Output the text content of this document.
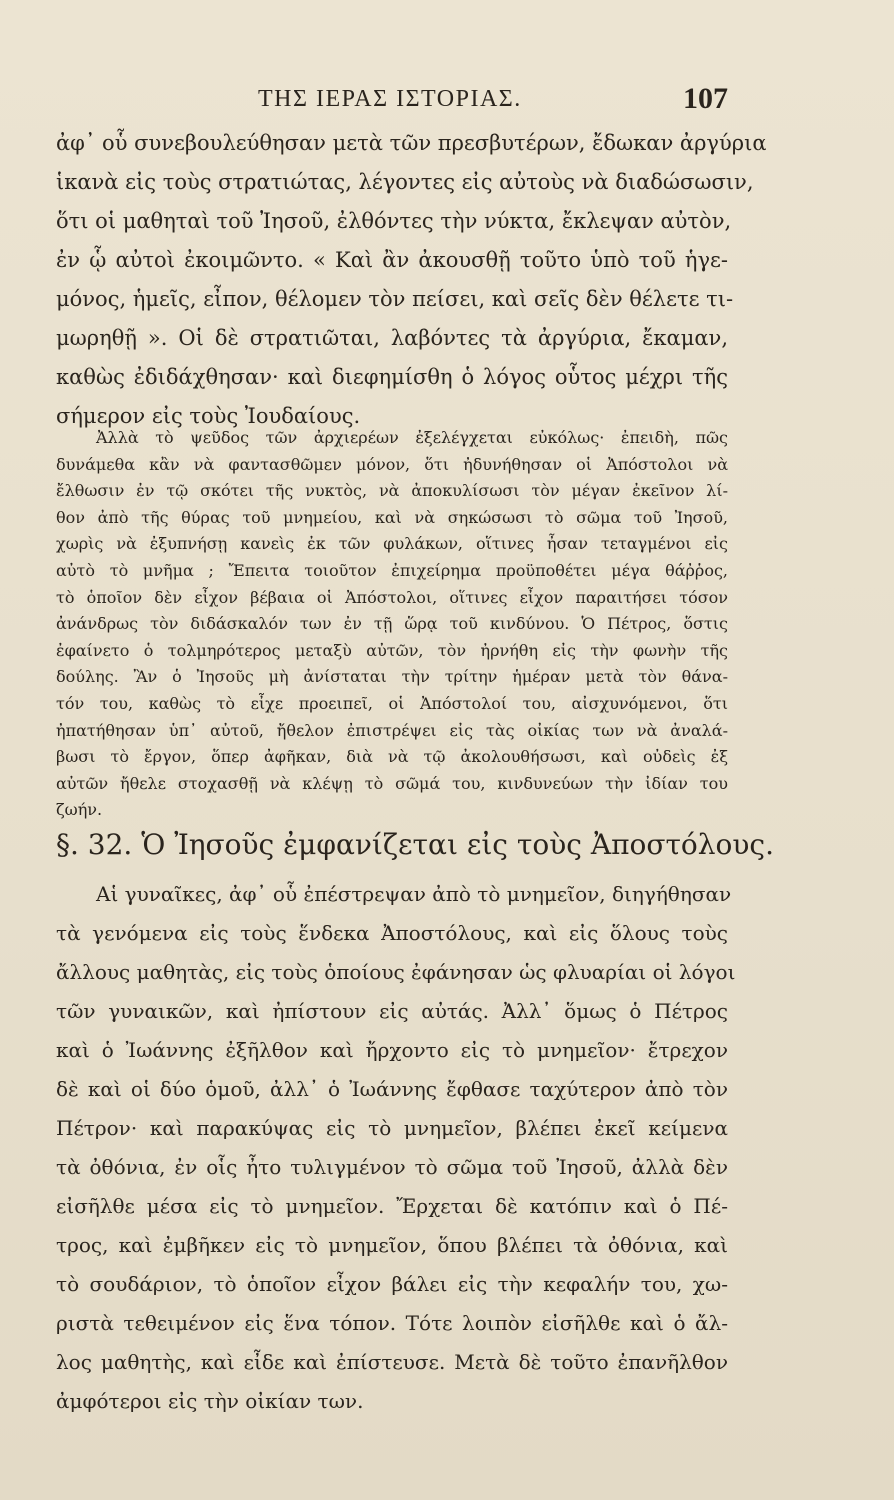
ΤΗΣ ΙΕΡΑΣ ΙΣΤΟΡΙΑΣ.	107
ἀφ᾽ οὗ συνεβουλεύθησαν μετὰ τῶν πρεσβυτέρων, ἔδωκαν ἀργύρια
ἱκανὰ εἰς τοὺς στρατιώτας, λέγοντες εἰς αὐτοὺς νὰ διαδώσωσιν,
ὅτι οἱ μαθηταὶ τοῦ Ἰησοῦ, ἐλθόντες τὴν νύκτα, ἔκλεψαν αὐτὸν,
ἐν ᾧ αὐτοὶ ἐκοιμῶντο. « Καὶ ἂν ἀκουσθῇ τοῦτο ὑπὸ τοῦ ἡγε-
μόνος, ἡμεῖς, εἶπον, θέλομεν τὸν πείσει, καὶ σεῖς δὲν θέλετε τι-
μωρηθῇ ». Οἱ δὲ στρατιῶται, λαβόντες τὰ ἀργύρια, ἔκαμαν,
καθὼς ἐδιδάχθησαν· καὶ διεφημίσθη ὁ λόγος οὗτος μέχρι τῆς
σήμερον εἰς τοὺς Ἰουδαίους.
Ἀλλὰ τὸ ψεῦδος τῶν ἀρχιερέων ἐξελέγχεται εὐκόλως· ἐπειδὴ, πῶς
δυνάμεθα κἂν νὰ φαντασθῶμεν μόνον, ὅτι ἠδυνήθησαν οἱ Ἀπόστολοι νὰ
ἔλθωσιν ἐν τῷ σκότει τῆς νυκτὸς, νὰ ἀποκυλίσωσι τὸν μέγαν ἐκεῖνον λί-
θον ἀπὸ τῆς θύρας τοῦ μνημείου, καὶ νὰ σηκώσωσι τὸ σῶμα τοῦ Ἰησοῦ,
χωρὶς νὰ ἐξυπνήσῃ κανεὶς ἐκ τῶν φυλάκων, οἵτινες ἦσαν τεταγμένοι εἰς
αὐτὸ τὸ μνῆμα ; Ἔπειτα τοιοῦτον ἐπιχείρημα προϋποθέτει μέγα θάῤῥος,
τὸ ὁποῖον δὲν εἶχον βέβαια οἱ Ἀπόστολοι, οἵτινες εἶχον παραιτήσει τόσον
ἀνάνδρως τὸν διδάσκαλόν των ἐν τῇ ὥρᾳ τοῦ κινδύνου. Ὁ Πέτρος, ὅστις
ἐφαίνετο ὁ τολμηρότερος μεταξὺ αὐτῶν, τὸν ἠρνήθη εἰς τὴν φωνὴν τῆς
δούλης. Ἂν ὁ Ἰησοῦς μὴ ἀνίσταται τὴν τρίτην ἡμέραν μετὰ τὸν θάνα-
τόν του, καθὼς τὸ εἶχε προειπεῖ, οἱ Ἀπόστολοί του, αἰσχυνόμενοι, ὅτι
ἠπατήθησαν ὑπ᾽ αὐτοῦ, ἤθελον ἐπιστρέψει εἰς τὰς οἰκίας των νὰ ἀναλά-
βωσι τὸ ἔργον, ὅπερ ἀφῆκαν, διὰ νὰ τῷ ἀκολουθήσωσι, καὶ οὐδεὶς ἐξ
αὐτῶν ἤθελε στοχασθῇ νὰ κλέψῃ τὸ σῶμά του, κινδυνεύων τὴν ἰδίαν του
ζωήν.
§. 32. Ὁ Ἰησοῦς ἐμφανίζεται εἰς τοὺς Ἀποστόλους.
Αἱ γυναῖκες, ἀφ᾽ οὗ ἐπέστρεψαν ἀπὸ τὸ μνημεῖον, διηγήθησαν
τὰ γενόμενα εἰς τοὺς ἕνδεκα Ἀποστόλους, καὶ εἰς ὅλους τοὺς
ἄλλους μαθητὰς, εἰς τοὺς ὁποίους ἐφάνησαν ὡς φλυαρίαι οἱ λόγοι
τῶν γυναικῶν, καὶ ἠπίστουν εἰς αὐτάς. Ἀλλ᾽ ὅμως ὁ Πέτρος
καὶ ὁ Ἰωάννης ἐξῆλθον καὶ ἤρχοντο εἰς τὸ μνημεῖον· ἔτρεχον
δὲ καὶ οἱ δύο ὁμοῦ, ἀλλ᾽ ὁ Ἰωάννης ἔφθασε ταχύτερον ἀπὸ τὸν
Πέτρον· καὶ παρακύψας εἰς τὸ μνημεῖον, βλέπει ἐκεῖ κείμενα
τὰ ὀθόνια, ἐν οἷς ἦτο τυλιγμένον τὸ σῶμα τοῦ Ἰησοῦ, ἀλλὰ δὲν
εἰσῆλθε μέσα εἰς τὸ μνημεῖον. Ἔρχεται δὲ κατόπιν καὶ ὁ Πέ-
τρος, καὶ ἐμβῆκεν εἰς τὸ μνημεῖον, ὅπου βλέπει τὰ ὀθόνια, καὶ
τὸ σουδάριον, τὸ ὁποῖον εἶχον βάλει εἰς τὴν κεφαλήν του, χω-
ριστὰ τεθειμένον εἰς ἕνα τόπον. Τότε λοιπὸν εἰσῆλθε καὶ ὁ ἄλ-
λος μαθητὴς, καὶ εἶδε καὶ ἐπίστευσε. Μετὰ δὲ τοῦτο ἐπανῆλθον
ἀμφότεροι εἰς τὴν οἰκίαν των.
